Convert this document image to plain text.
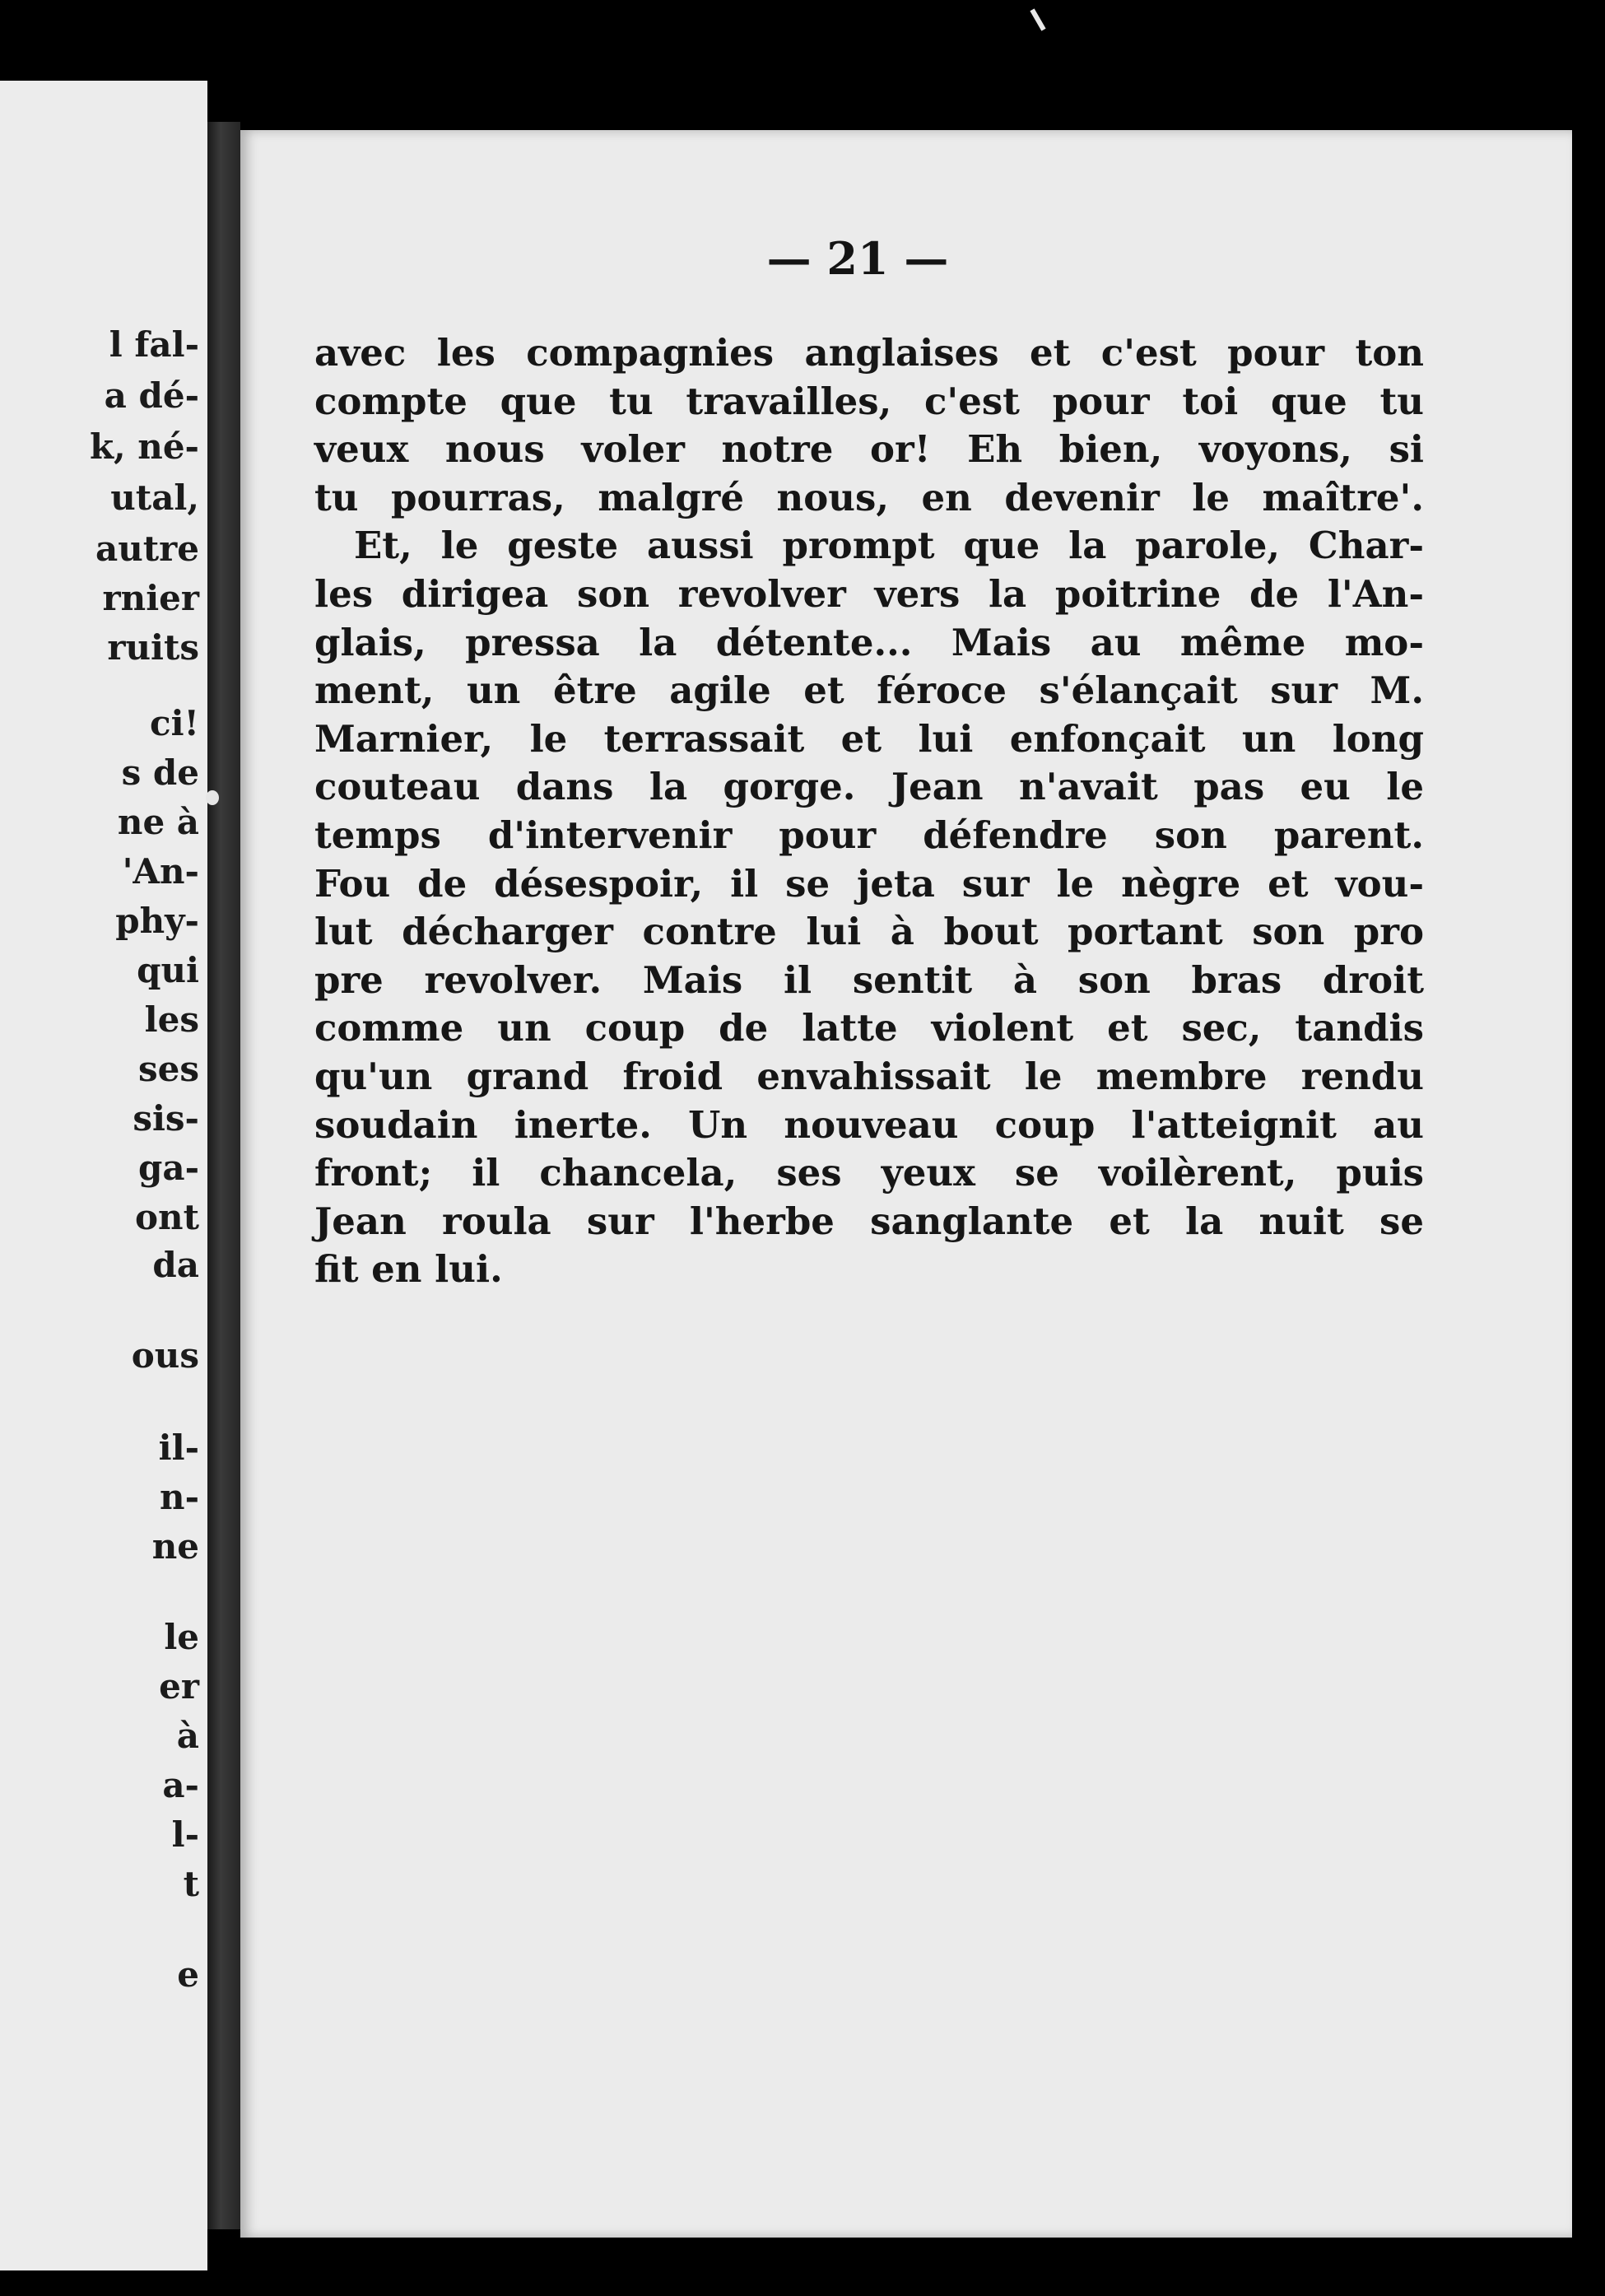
l fal-
a dé-
k, né-
utal,
autre
rnier
ruits
ci!
s de
ne à
'An-
phy-
qui
les
ses
sis-
ga-
ont
da
ous
il-
n-
ne
le
er
à
a-
l-
t
e
— 21 —
avec les compagnies anglaises et c'est pour ton
compte que tu travailles, c'est pour toi que tu
veux nous voler notre or! Eh bien, voyons, si
tu pourras, malgré nous, en devenir le maître'.
Et, le geste aussi prompt que la parole, Char-
les dirigea son revolver vers la poitrine de l'An-
glais, pressa la détente... Mais au même mo-
ment, un être agile et féroce s'élançait sur M.
Marnier, le terrassait et lui enfonçait un long
couteau dans la gorge. Jean n'avait pas eu le
temps d'intervenir pour défendre son parent.
Fou de désespoir, il se jeta sur le nègre et vou-
lut décharger contre lui à bout portant son pro
pre revolver. Mais il sentit à son bras droit
comme un coup de latte violent et sec, tandis
qu'un grand froid envahissait le membre rendu
soudain inerte. Un nouveau coup l'atteignit au
front; il chancela, ses yeux se voilèrent, puis
Jean roula sur l'herbe sanglante et la nuit se
fit en lui.
